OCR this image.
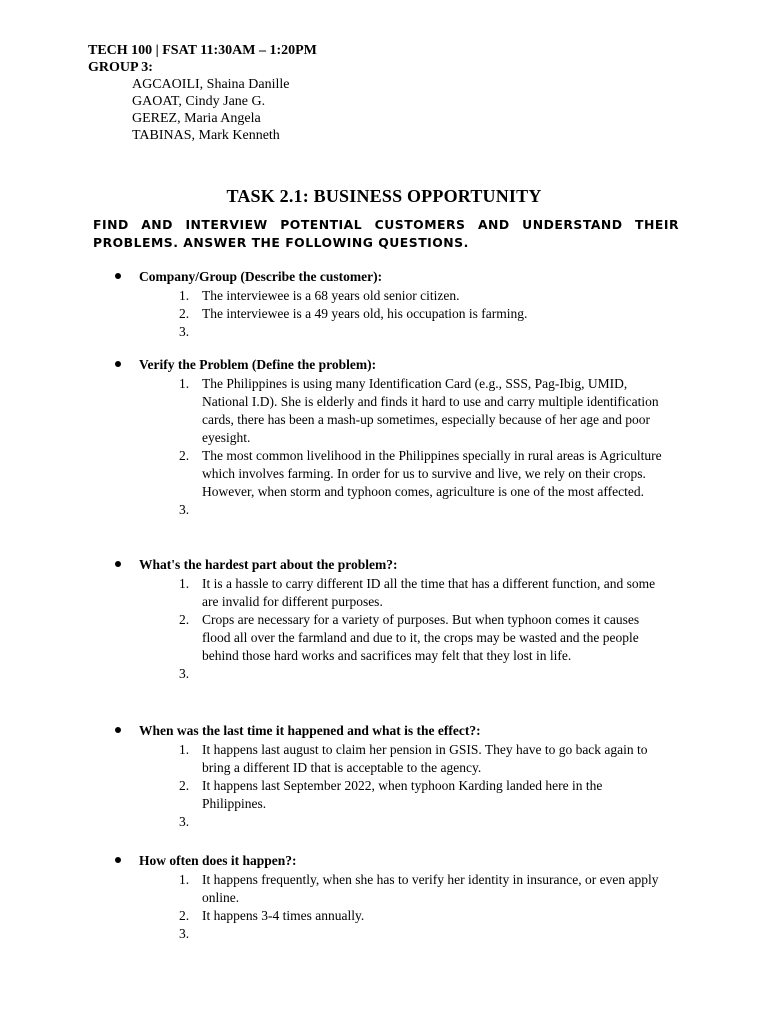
TECH 100 | FSAT 11:30AM – 1:20PM
GROUP 3:
AGCAOILI, Shaina Danille
GAOAT, Cindy Jane G.
GEREZ, Maria Angela
TABINAS, Mark Kenneth
TASK 2.1: BUSINESS OPPORTUNITY
FIND AND INTERVIEW POTENTIAL CUSTOMERS AND UNDERSTAND THEIR PROBLEMS. ANSWER THE FOLLOWING QUESTIONS.
Company/Group (Describe the customer):
1. The interviewee is a 68 years old senior citizen.
2. The interviewee is a 49 years old, his occupation is farming.
3.
Verify the Problem (Define the problem):
1. The Philippines is using many Identification Card (e.g., SSS, Pag-Ibig, UMID, National I.D). She is elderly and finds it hard to use and carry multiple identification cards, there has been a mash-up sometimes, especially because of her age and poor eyesight.
2. The most common livelihood in the Philippines specially in rural areas is Agriculture which involves farming. In order for us to survive and live, we rely on their crops. However, when storm and typhoon comes, agriculture is one of the most affected.
3.
What's the hardest part about the problem?:
1. It is a hassle to carry different ID all the time that has a different function, and some are invalid for different purposes.
2. Crops are necessary for a variety of purposes. But when typhoon comes it causes flood all over the farmland and due to it, the crops may be wasted and the people behind those hard works and sacrifices may felt that they lost in life.
3.
When was the last time it happened and what is the effect?:
1. It happens last august to claim her pension in GSIS. They have to go back again to bring a different ID that is acceptable to the agency.
2. It happens last September 2022, when typhoon Karding landed here in the Philippines.
3.
How often does it happen?:
1. It happens frequently, when she has to verify her identity in insurance, or even apply online.
2. It happens 3-4 times annually.
3.
